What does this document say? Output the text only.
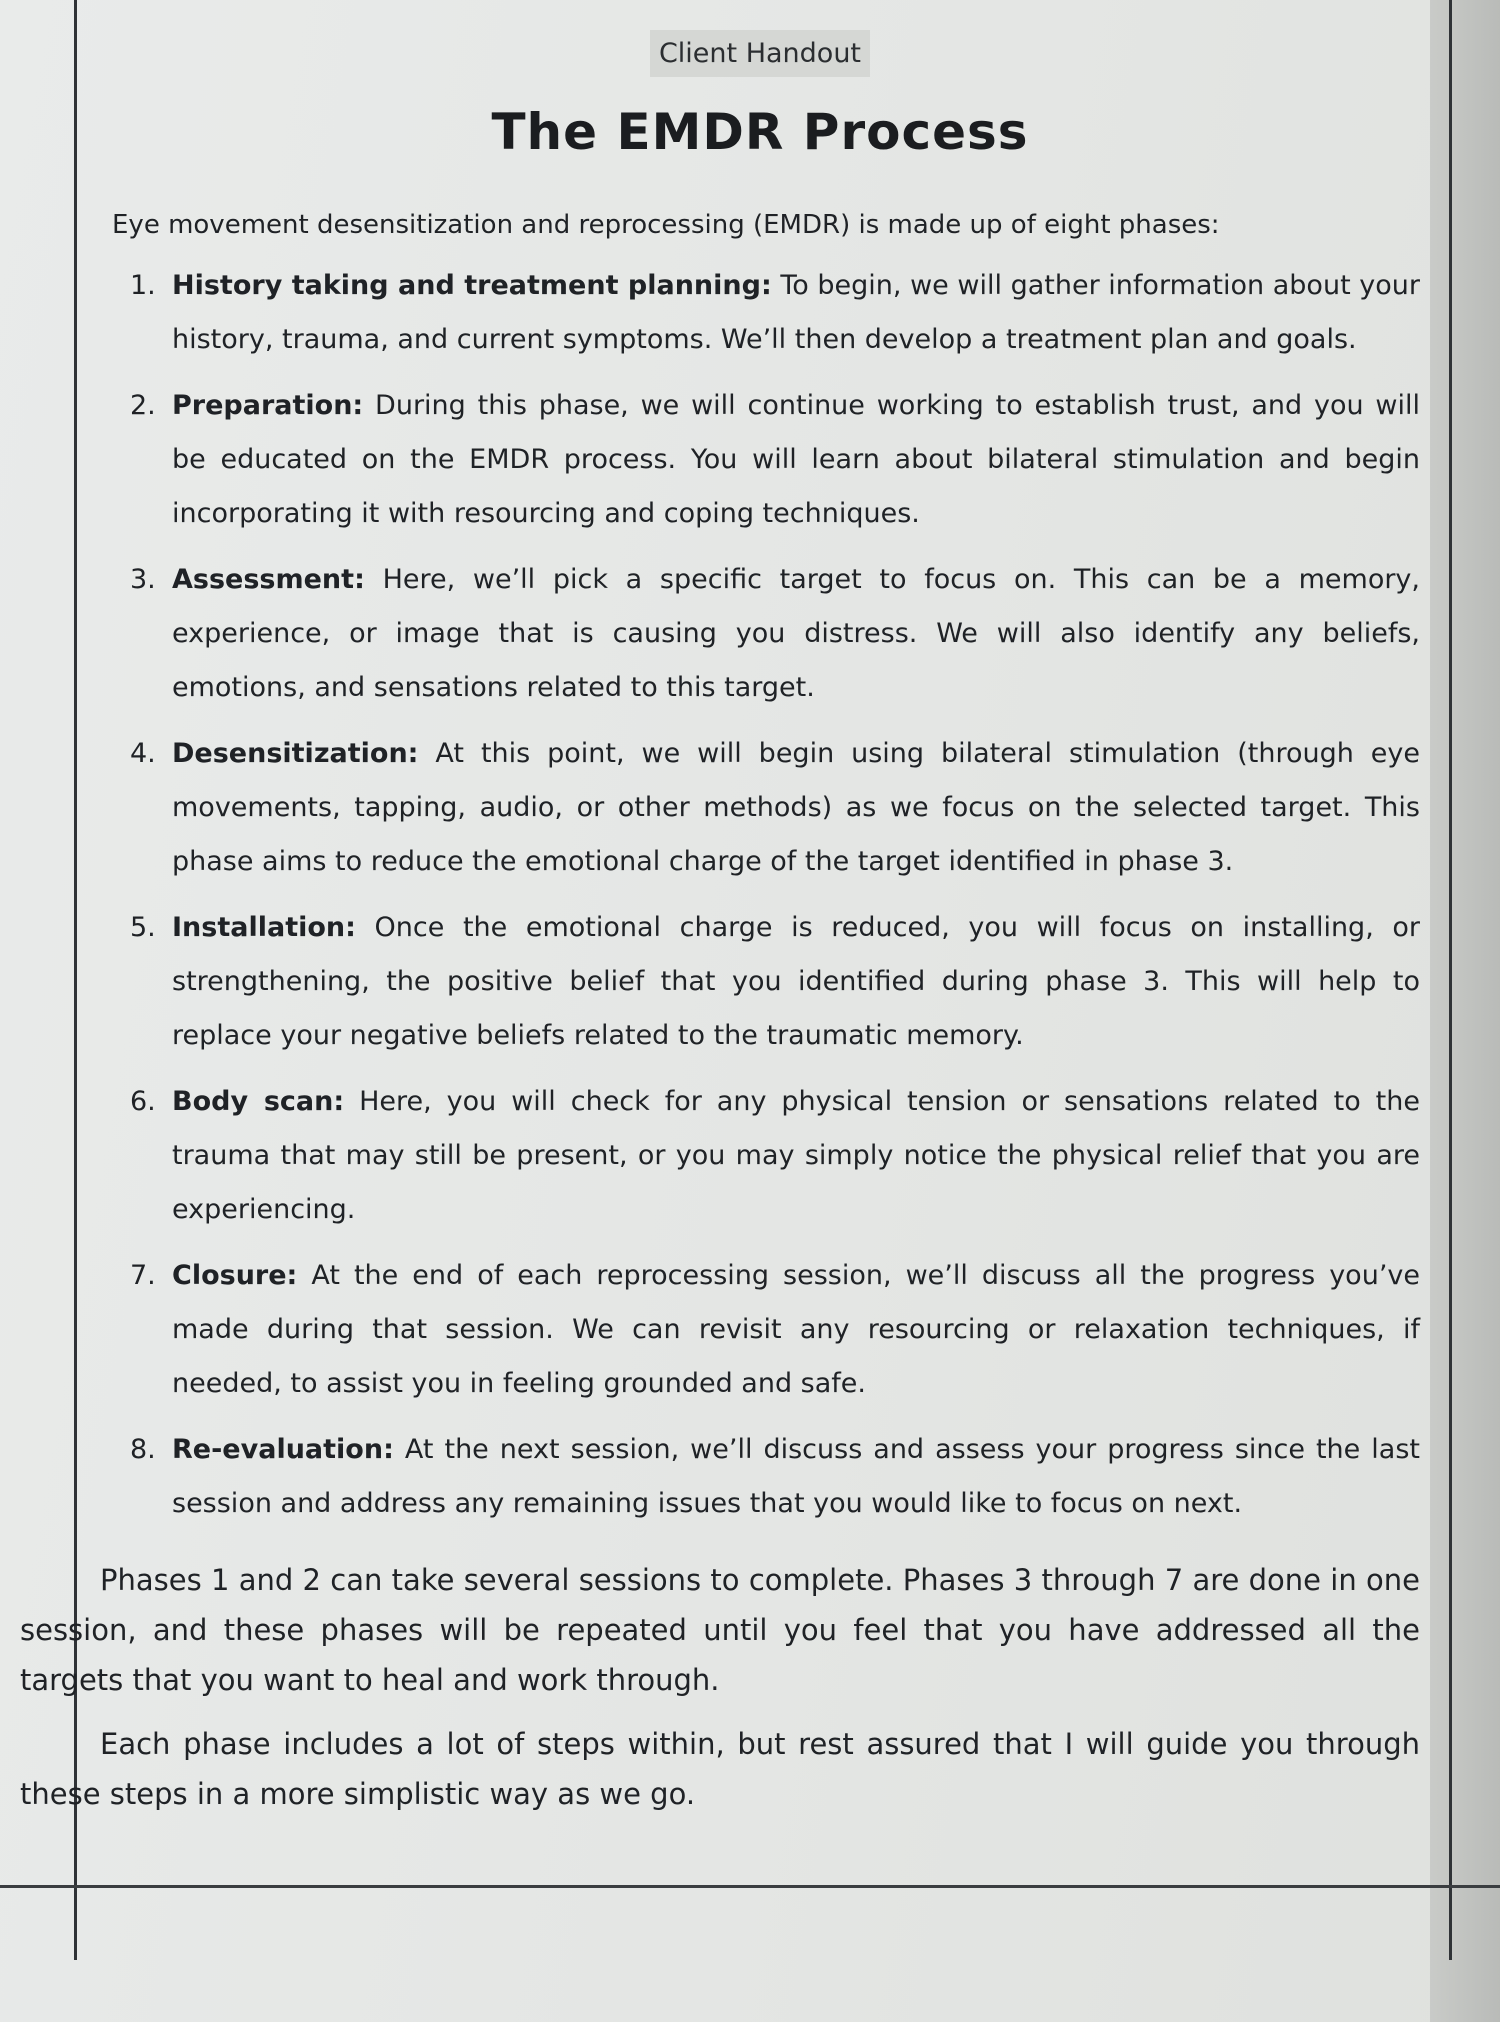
Client Handout
The EMDR Process

Eye movement desensitization and reprocessing (EMDR) is made up of eight phases:

1. History taking and treatment planning: To begin, we will gather information about your history, trauma, and current symptoms. We’ll then develop a treatment plan and goals.
2. Preparation: During this phase, we will continue working to establish trust, and you will be educated on the EMDR process. You will learn about bilateral stimulation and begin incorporating it with resourcing and coping techniques.
3. Assessment: Here, we’ll pick a specific target to focus on. This can be a memory, experience, or image that is causing you distress. We will also identify any beliefs, emotions, and sensations related to this target.
4. Desensitization: At this point, we will begin using bilateral stimulation (through eye movements, tapping, audio, or other methods) as we focus on the selected target. This phase aims to reduce the emotional charge of the target identified in phase 3.
5. Installation: Once the emotional charge is reduced, you will focus on installing, or strengthening, the positive belief that you identified during phase 3. This will help to replace your negative beliefs related to the traumatic memory.
6. Body scan: Here, you will check for any physical tension or sensations related to the trauma that may still be present, or you may simply notice the physical relief that you are experiencing.
7. Closure: At the end of each reprocessing session, we’ll discuss all the progress you’ve made during that session. We can revisit any resourcing or relaxation techniques, if needed, to assist you in feeling grounded and safe.
8. Re-evaluation: At the next session, we’ll discuss and assess your progress since the last session and address any remaining issues that you would like to focus on next.

Phases 1 and 2 can take several sessions to complete. Phases 3 through 7 are done in one session, and these phases will be repeated until you feel that you have addressed all the targets that you want to heal and work through.

Each phase includes a lot of steps within, but rest assured that I will guide you through these steps in a more simplistic way as we go.
